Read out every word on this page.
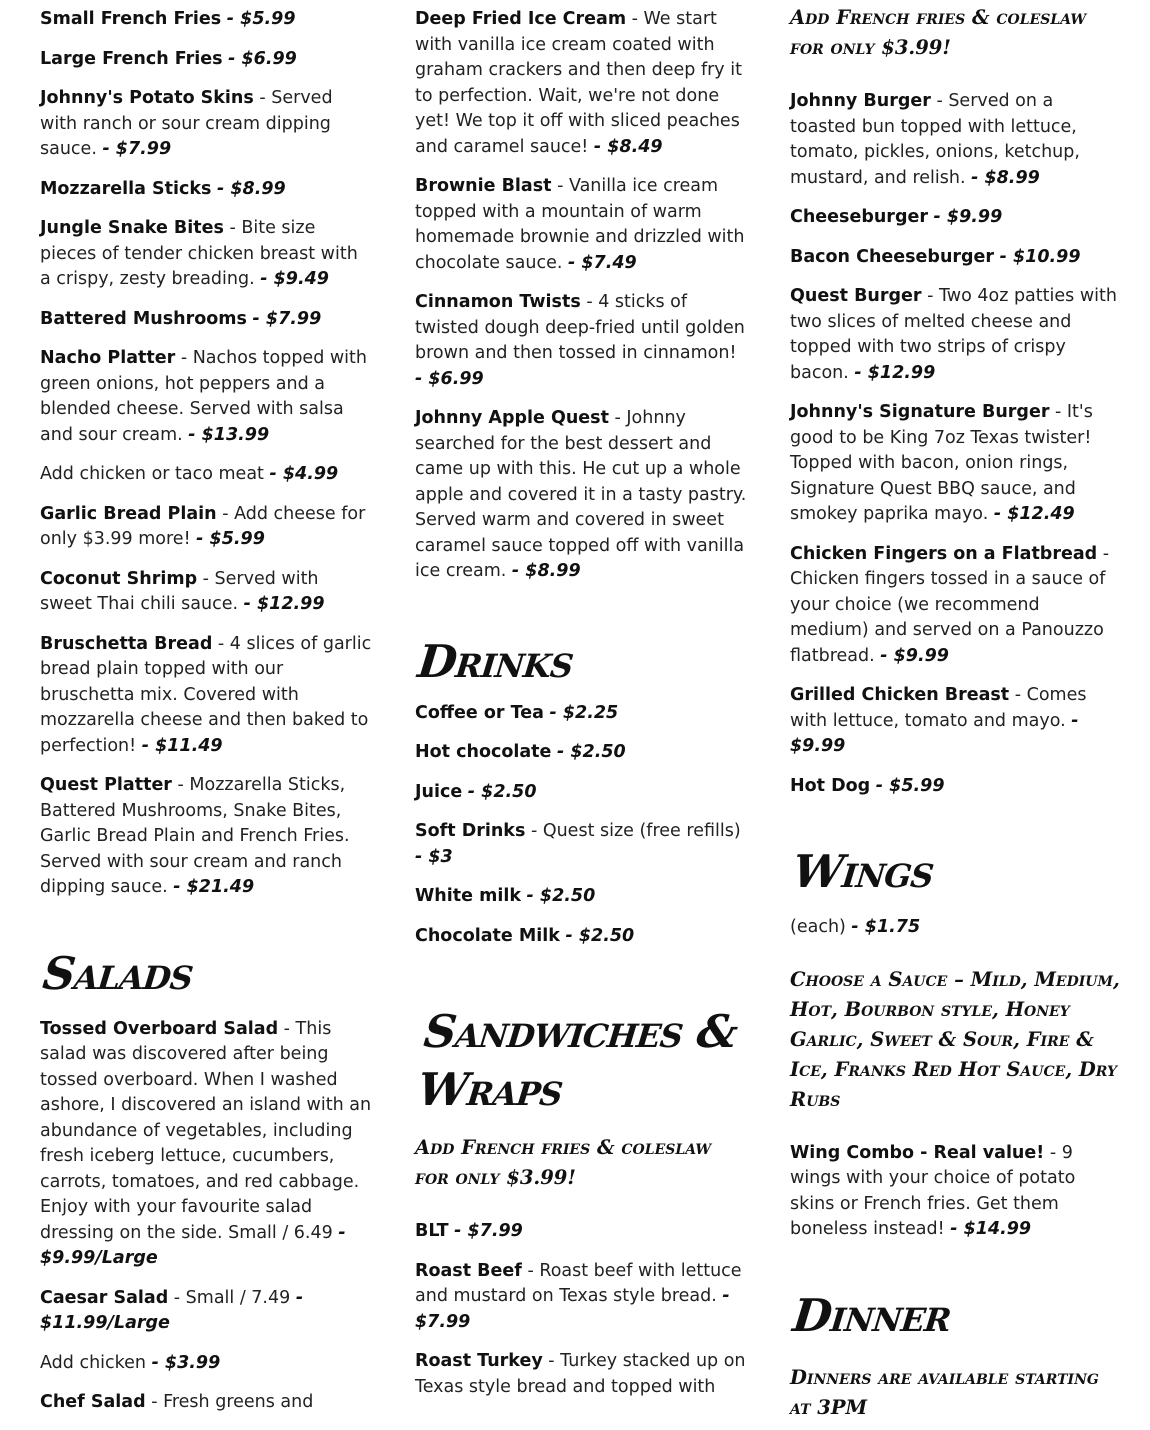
Small French Fries - $5.99

Large French Fries - $6.99

Johnny's Potato Skins - Served with ranch or sour cream dipping sauce. - $7.99

Mozzarella Sticks - $8.99

Jungle Snake Bites - Bite size pieces of tender chicken breast with a crispy, zesty breading. - $9.49

Battered Mushrooms - $7.99

Nacho Platter - Nachos topped with green onions, hot peppers and a blended cheese. Served with salsa and sour cream. - $13.99

Add chicken or taco meat - $4.99

Garlic Bread Plain - Add cheese for only $3.99 more! - $5.99

Coconut Shrimp - Served with sweet Thai chili sauce. - $12.99

Bruschetta Bread - 4 slices of garlic bread plain topped with our bruschetta mix. Covered with mozzarella cheese and then baked to perfection! - $11.49

Quest Platter - Mozzarella Sticks, Battered Mushrooms, Snake Bites, Garlic Bread Plain and French Fries. Served with sour cream and ranch dipping sauce. - $21.49

Salads

Tossed Overboard Salad - This salad was discovered after being tossed overboard. When I washed ashore, I discovered an island with an abundance of vegetables, including fresh iceberg lettuce, cucumbers, carrots, tomatoes, and red cabbage. Enjoy with your favourite salad dressing on the side. Small / 6.49 - $9.99/Large

Caesar Salad - Small / 7.49 - $11.99/Large

Add chicken - $3.99

Chef Salad - Fresh greens and

Deep Fried Ice Cream - We start with vanilla ice cream coated with graham crackers and then deep fry it to perfection. Wait, we're not done yet! We top it off with sliced peaches and caramel sauce! - $8.49

Brownie Blast - Vanilla ice cream topped with a mountain of warm homemade brownie and drizzled with chocolate sauce. - $7.49

Cinnamon Twists - 4 sticks of twisted dough deep-fried until golden brown and then tossed in cinnamon! - $6.99

Johnny Apple Quest - Johnny searched for the best dessert and came up with this. He cut up a whole apple and covered it in a tasty pastry. Served warm and covered in sweet caramel sauce topped off with vanilla ice cream. - $8.99

Drinks

Coffee or Tea - $2.25

Hot chocolate - $2.50

Juice - $2.50

Soft Drinks - Quest size (free refills) - $3

White milk - $2.50

Chocolate Milk - $2.50

Sandwiches & Wraps

Add French fries & coleslaw for only $3.99!

BLT - $7.99

Roast Beef - Roast beef with lettuce and mustard on Texas style bread. - $7.99

Roast Turkey - Turkey stacked up on Texas style bread and topped with

Add French fries & coleslaw for only $3.99!

Johnny Burger - Served on a toasted bun topped with lettuce, tomato, pickles, onions, ketchup, mustard, and relish. - $8.99

Cheeseburger - $9.99

Bacon Cheeseburger - $10.99

Quest Burger - Two 4oz patties with two slices of melted cheese and topped with two strips of crispy bacon. - $12.99

Johnny's Signature Burger - It's good to be King 7oz Texas twister! Topped with bacon, onion rings, Signature Quest BBQ sauce, and smokey paprika mayo. - $12.49

Chicken Fingers on a Flatbread - Chicken fingers tossed in a sauce of your choice (we recommend medium) and served on a Panouzzo flatbread. - $9.99

Grilled Chicken Breast - Comes with lettuce, tomato and mayo. - $9.99

Hot Dog - $5.99

Wings

(each) - $1.75

Choose a Sauce – Mild, Medium, Hot, Bourbon style, Honey Garlic, Sweet & Sour, Fire & Ice, Franks Red Hot Sauce, Dry Rubs

Wing Combo - Real value! - 9 wings with your choice of potato skins or French fries. Get them boneless instead! - $14.99

Dinner

Dinners are available starting at 3PM
